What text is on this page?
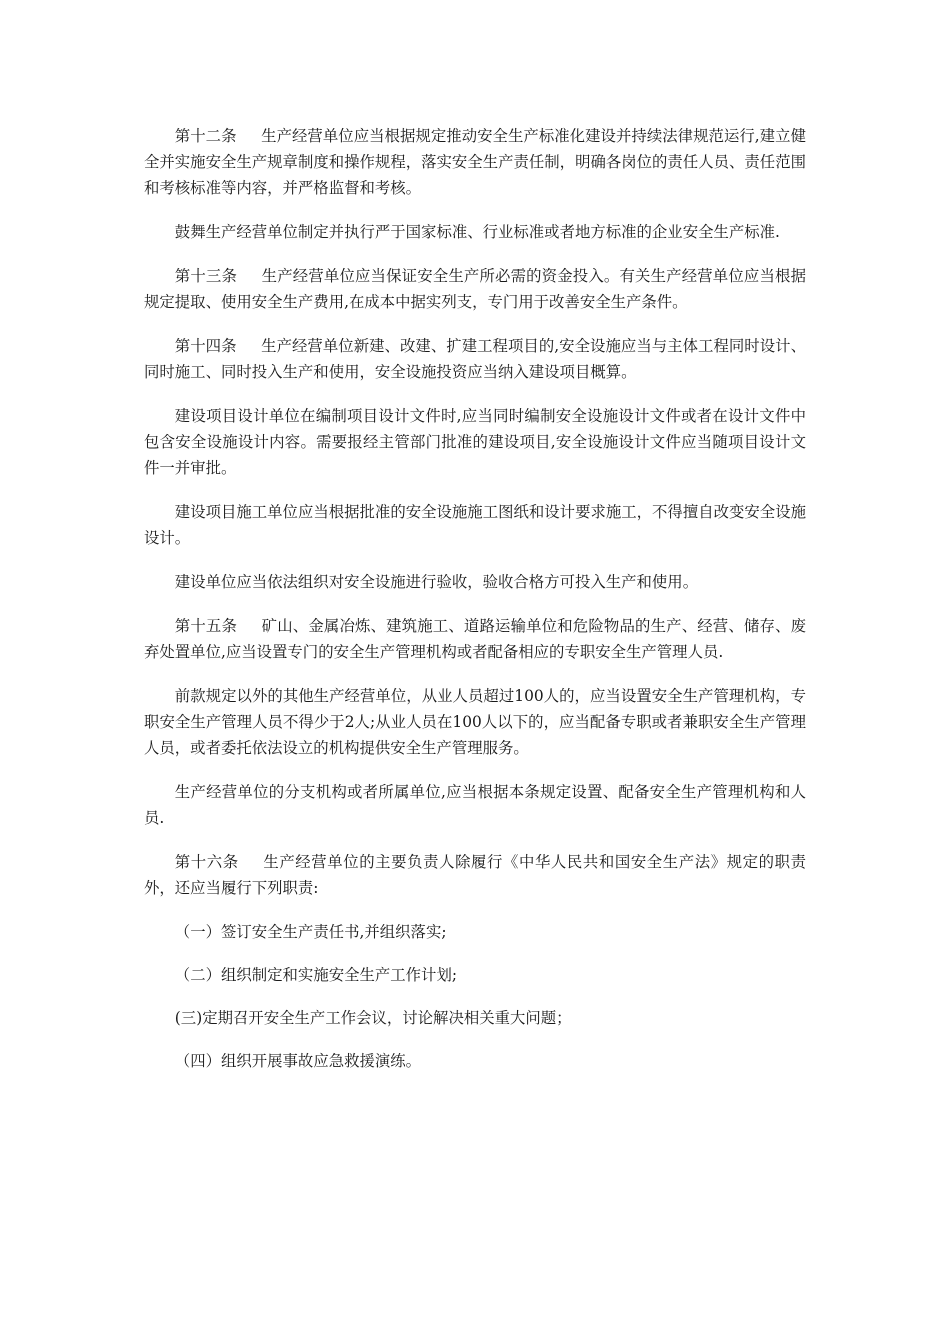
第十二条 生产经营单位应当根据规定推动安全生产标准化建设并持续法律规范运行,建立健全并实施安全生产规章制度和操作规程，落实安全生产责任制，明确各岗位的责任人员、责任范围和考核标准等内容，并严格监督和考核。

鼓舞生产经营单位制定并执行严于国家标准、行业标准或者地方标准的企业安全生产标准.

第十三条 生产经营单位应当保证安全生产所必需的资金投入。有关生产经营单位应当根据规定提取、使用安全生产费用,在成本中据实列支，专门用于改善安全生产条件。

第十四条 生产经营单位新建、改建、扩建工程项目的,安全设施应当与主体工程同时设计、同时施工、同时投入生产和使用，安全设施投资应当纳入建设项目概算。

建设项目设计单位在编制项目设计文件时,应当同时编制安全设施设计文件或者在设计文件中包含安全设施设计内容。需要报经主管部门批准的建设项目,安全设施设计文件应当随项目设计文件一并审批。

建设项目施工单位应当根据批准的安全设施施工图纸和设计要求施工，不得擅自改变安全设施设计。

建设单位应当依法组织对安全设施进行验收，验收合格方可投入生产和使用。

第十五条 矿山、金属冶炼、建筑施工、道路运输单位和危险物品的生产、经营、储存、废弃处置单位,应当设置专门的安全生产管理机构或者配备相应的专职安全生产管理人员.

前款规定以外的其他生产经营单位，从业人员超过100人的，应当设置安全生产管理机构，专职安全生产管理人员不得少于2人;从业人员在100人以下的，应当配备专职或者兼职安全生产管理人员，或者委托依法设立的机构提供安全生产管理服务。

生产经营单位的分支机构或者所属单位,应当根据本条规定设置、配备安全生产管理机构和人员.

第十六条 生产经营单位的主要负责人除履行《中华人民共和国安全生产法》规定的职责外，还应当履行下列职责:

（一）签订安全生产责任书,并组织落实;

（二）组织制定和实施安全生产工作计划;

(三)定期召开安全生产工作会议，讨论解决相关重大问题；

（四）组织开展事故应急救援演练。
